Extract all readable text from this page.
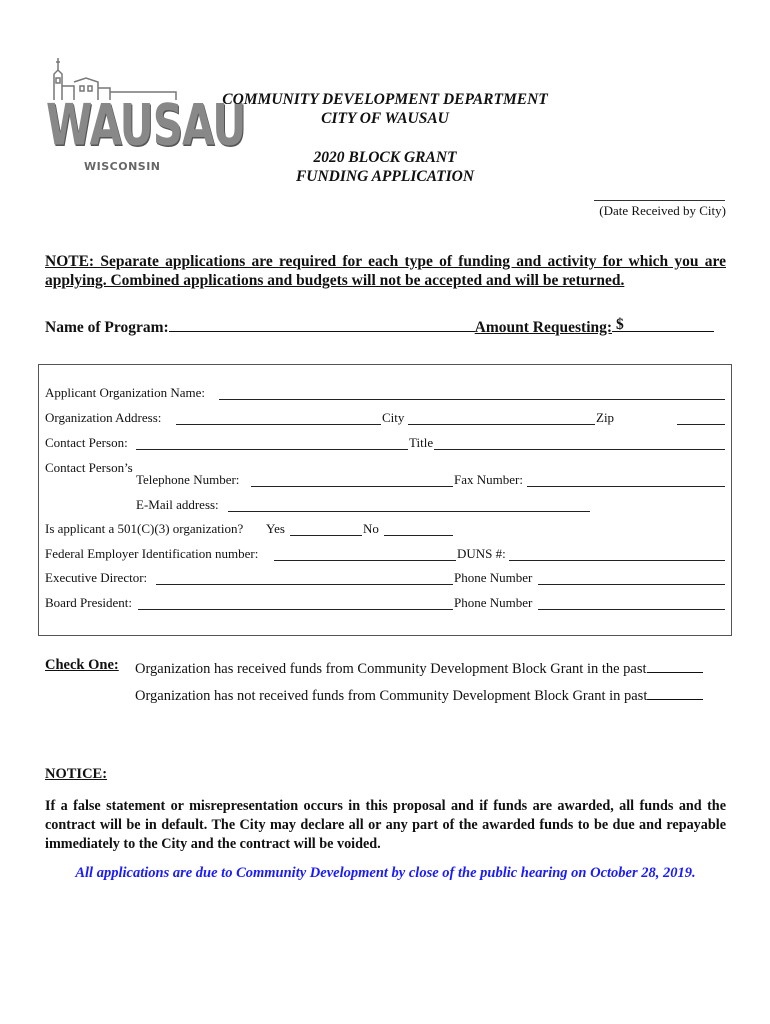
WAUSAU
WISCONSIN
COMMUNITY DEVELOPMENT DEPARTMENT
CITY OF WAUSAU
2020 BLOCK GRANT
FUNDING APPLICATION
(Date Received by City)
NOTE: Separate applications are required for each type of funding and activity for which you are applying. Combined applications and budgets will not be accepted and will be returned.
Name of Program:	Amount Requesting: $
Applicant Organization Name:
Organization Address:	City	Zip
Contact Person:	Title
Contact Person’s
Telephone Number:	Fax Number:
E-Mail address:
Is applicant a 501(C)(3) organization? Yes	No
Federal Employer Identification number:	DUNS #:
Executive Director:	Phone Number
Board President:	Phone Number
Check One: Organization has received funds from Community Development Block Grant in the past
Organization has not received funds from Community Development Block Grant in past
NOTICE:
If a false statement or misrepresentation occurs in this proposal and if funds are awarded, all funds and the contract will be in default. The City may declare all or any part of the awarded funds to be due and repayable immediately to the City and the contract will be voided.
All applications are due to Community Development by close of the public hearing on October 28, 2019.
